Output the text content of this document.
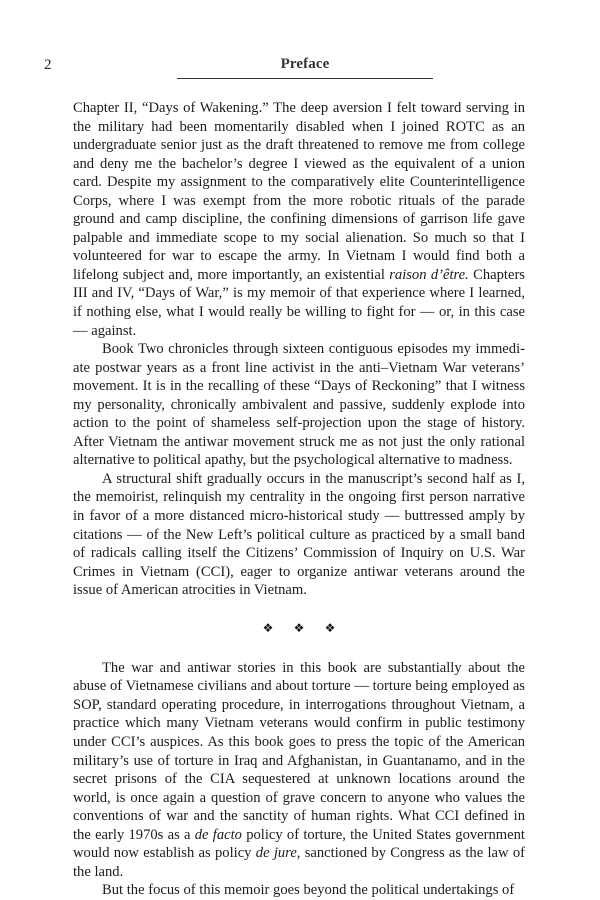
2	Preface

Chapter II, “Days of Wakening.” The deep aversion I felt toward serving in the military had been momentarily disabled when I joined ROTC as an undergraduate senior just as the draft threatened to remove me from college and deny me the bachelor’s degree I viewed as the equivalent of a union card. Despite my assignment to the comparatively elite Counterintelligence Corps, where I was exempt from the more robotic rituals of the parade ground and camp discipline, the confining dimensions of garrison life gave palpable and immediate scope to my social alienation. So much so that I volunteered for war to escape the army. In Vietnam I would find both a lifelong subject and, more importantly, an existential raison d’être. Chapters III and IV, “Days of War,” is my memoir of that experience where I learned, if nothing else, what I would really be willing to fight for — or, in this case — against.

Book Two chronicles through sixteen contiguous episodes my immediate postwar years as a front line activist in the anti–Vietnam War veterans’ movement. It is in the recalling of these “Days of Reckoning” that I witness my personality, chronically ambivalent and passive, suddenly explode into action to the point of shameless self-projection upon the stage of history. After Vietnam the antiwar movement struck me as not just the only rational alternative to political apathy, but the psychological alternative to madness.

A structural shift gradually occurs in the manuscript’s second half as I, the memoirist, relinquish my centrality in the ongoing first person narrative in favor of a more distanced micro-historical study — buttressed amply by citations — of the New Left’s political culture as practiced by a small band of radicals calling itself the Citizens’ Commission of Inquiry on U.S. War Crimes in Vietnam (CCI), eager to organize antiwar veterans around the issue of American atrocities in Vietnam.

❖ ❖ ❖

The war and antiwar stories in this book are substantially about the abuse of Vietnamese civilians and about torture — torture being employed as SOP, standard operating procedure, in interrogations throughout Vietnam, a practice which many Vietnam veterans would confirm in public testimony under CCI’s auspices. As this book goes to press the topic of the American military’s use of torture in Iraq and Afghanistan, in Guantanamo, and in the secret prisons of the CIA sequestered at unknown locations around the world, is once again a question of grave concern to anyone who values the conventions of war and the sanctity of human rights. What CCI defined in the early 1970s as a de facto policy of torture, the United States government would now establish as policy de jure, sanctioned by Congress as the law of the land.

But the focus of this memoir goes beyond the political undertakings of
